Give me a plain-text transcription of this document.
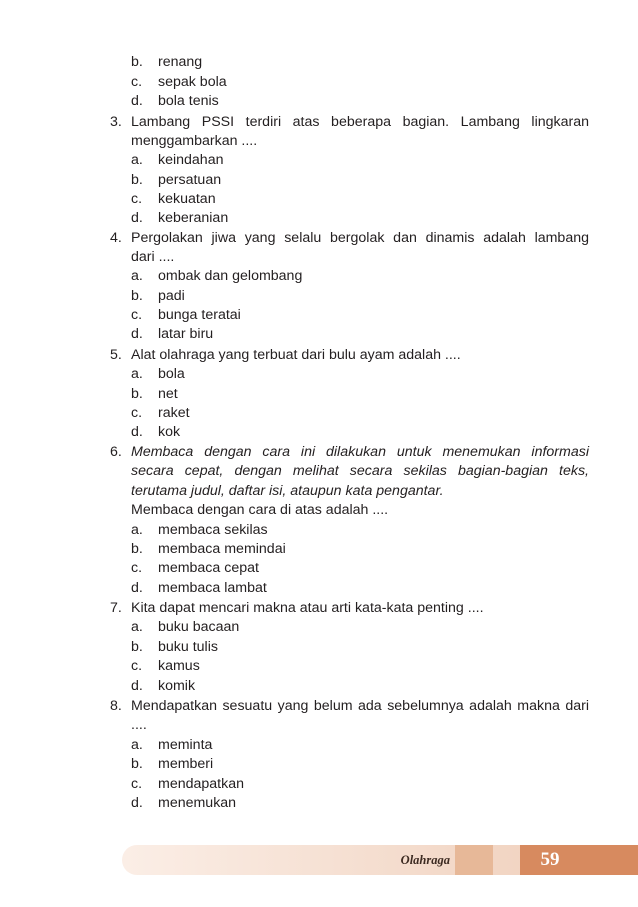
b. renang
c. sepak bola
d. bola tenis
3. Lambang PSSI terdiri atas beberapa bagian. Lambang lingkaran
menggambarkan ....
a. keindahan
b. persatuan
c. kekuatan
d. keberanian
4. Pergolakan jiwa yang selalu bergolak dan dinamis adalah lambang
dari ....
a. ombak dan gelombang
b. padi
c. bunga teratai
d. latar biru
5. Alat olahraga yang terbuat dari bulu ayam adalah ....
a. bola
b. net
c. raket
d. kok
6. Membaca dengan cara ini dilakukan untuk menemukan informasi
secara cepat, dengan melihat secara sekilas bagian-bagian teks,
terutama judul, daftar isi, ataupun kata pengantar.
Membaca dengan cara di atas adalah ....
a. membaca sekilas
b. membaca memindai
c. membaca cepat
d. membaca lambat
7. Kita dapat mencari makna atau arti kata-kata penting ....
a. buku bacaan
b. buku tulis
c. kamus
d. komik
8. Mendapatkan sesuatu yang belum ada sebelumnya adalah makna dari
....
a. meminta
b. memberi
c. mendapatkan
d. menemukan
Olahraga	59
